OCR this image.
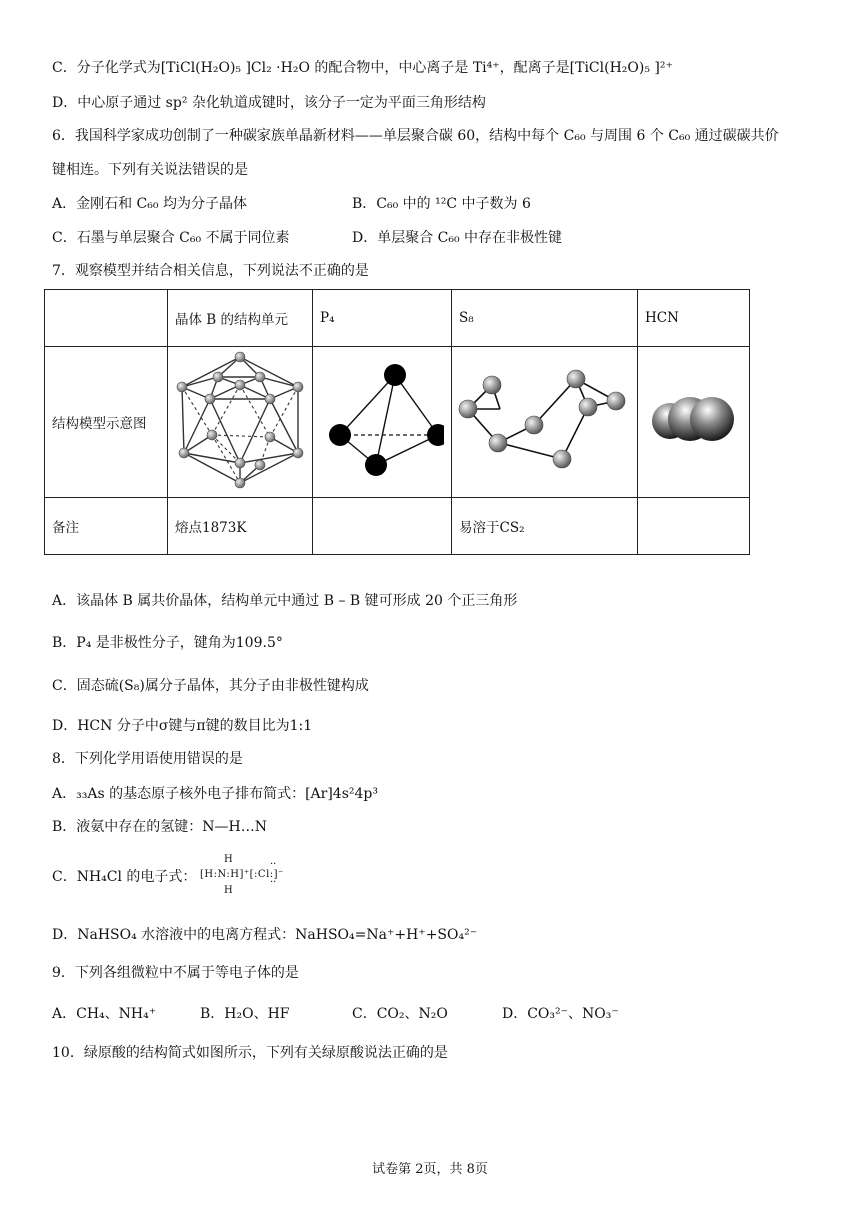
C．分子化学式为[TiCl(H₂O)₅ ]Cl₂ ·H₂O 的配合物中，中心离子是 Ti⁴⁺，配离子是[TiCl(H₂O)₅ ]²⁺
D．中心原子通过 sp² 杂化轨道成键时，该分子一定为平面三角形结构
6．我国科学家成功创制了一种碳家族单晶新材料——单层聚合碳 60，结构中每个 C₆₀ 与周围 6 个 C₆₀ 通过碳碳共价
键相连。下列有关说法错误的是
A．金刚石和 C₆₀ 均为分子晶体	B．C₆₀ 中的 ¹²C 中子数为 6
C．石墨与单层聚合 C₆₀ 不属于同位素	D．单层聚合 C₆₀ 中存在非极性键
7．观察模型并结合相关信息，下列说法不正确的是
	晶体 B 的结构单元	P₄	S₈	HCN
结构模型示意图				
备注	熔点1873K		易溶于CS₂	
A．该晶体 B 属共价晶体，结构单元中通过 B – B 键可形成 20 个正三角形
B．P₄ 是非极性分子，键角为109.5°
C．固态硫(S₈)属分子晶体，其分子由非极性键构成
D．HCN 分子中σ键与π键的数目比为1:1
8．下列化学用语使用错误的是
A．₃₃As 的基态原子核外电子排布简式：[Ar]4s²4p³
B．液氨中存在的氢键：N—H…N
C．NH₄Cl 的电子式：
H
[H:N:H]⁺[:Cl:]⁻
H
··
··
D．NaHSO₄ 水溶液中的电离方程式：NaHSO₄=Na⁺+H⁺+SO₄²⁻
9．下列各组微粒中不属于等电子体的是
A．CH₄、NH₄⁺	B．H₂O、HF	C．CO₂、N₂O	D．CO₃²⁻、NO₃⁻
10．绿原酸的结构简式如图所示，下列有关绿原酸说法正确的是
试卷第 2页，共 8页
